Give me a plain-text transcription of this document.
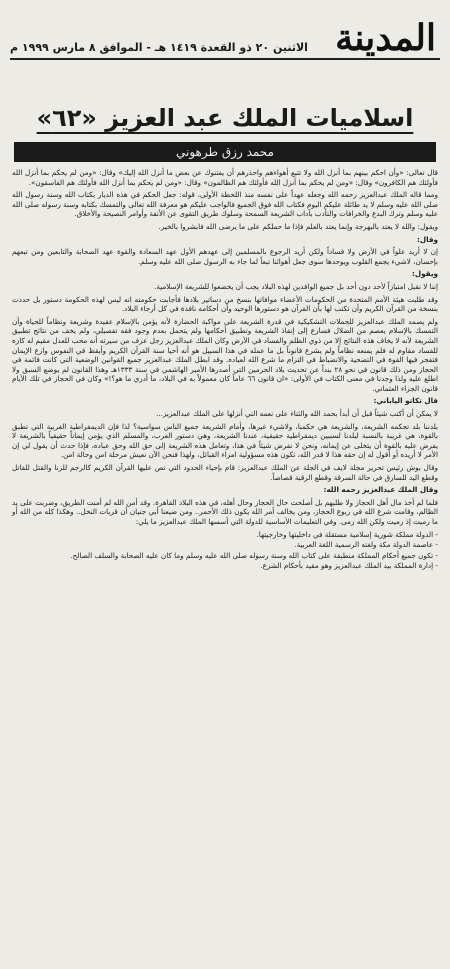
المدينة
الاثنين ٢٠ ذو القعدة ١٤١٩ هـ - الموافق ٨ مارس ١٩٩٩ م
اسلاميات الملك عبد العزيز «٦٢»
محمد رزق طرهوني

قال تعالى: «وأن احكم بينهم بما أنزل الله ولا تتبع أهواءهم واحذرهم أن يفتنوك عن بعض ما أنزل الله إليك» وقال: «ومن لم يحكم بما أنزل الله فأولئك هم الكافرون» وقال: «ومن لم يحكم بما أنزل الله فأولئك هم الظالمون» وقال: «ومن لم يحكم بما أنزل الله فأولئك هم الفاسقون».

ومما قاله الملك عبدالعزيز رحمه الله وجعله عهداً على نفسه منذ اللحظة الأولى، قوله: جعل الحكم في هذه الديار بكتاب الله وسنة رسول الله صلى الله عليه وسلم لا يد طائلة عليكم اليوم فكتاب الله فوق الجميع فالواجب عليكم هو معرفة الله تعالى والتمسك بكتابه وسنة رسوله صلى الله عليه وسلم وترك البدع والخرافات والتأدب بآداب الشريعة السمحة وسلوك طريق التقوى عن الأنفة وأوامر النصيحة والأخلاق.

ويقول: والله لا يعتد بالبهرجة وإنما يعتد بالعلم فإذا ما حملكم على ما يرضى الله فابشروا بالخير.

وقال:

إن لا أريد علواً في الأرض ولا فساداً ولكن أريد الرجوع بالمسلمين إلى عهدهم الأول عهد السعادة والقوة عهد الصحابة والتابعين ومن تبعهم بإحسان، لاشيء يجمع القلوب ويوحدها سوى جعل أهوائنا تبعاً لما جاء به الرسول صلى الله عليه وسلم.

ويقول:

إننا لا نقبل امتيازاً لأحد دون أحد بل جميع الوافدين لهذه البلاد يجب أن يخضعوا للشريعة الإسلامية.

وقد طلبت هيئة الأمم المتحدة من الحكومات الأعضاء موافاتها بنسخ من دساتير بلادها فأجابت حكومته انه ليس لهذه الحكومة دستور بل حددت بنسخة من القرآن الكريم وأن تكتب لها بأن القرآن هو دستورها الوحيد وأن أحكامه نافذة في كل أرجاء البلاد.

ولم يصمد الملك عبدالعزيز للحملات التشكيكية في قدرة الشريعة على مواكبة الحضارة لأنه يؤمن بالإسلام عقيدة وشريعة ونظاماً للحياة وأن التمسك بالإسلام يعصم من الضلال فسارع إلى إنفاذ الشريعة وتطبيق أحكامها ولم يتحمل بعدم وجود فقه تفصيلي، ولم يخف من نتائج تطبيق الشريعة لأنه لا يخاف هذه النتائج إلا من ذوي الظلم والفساد في الأرض وكان الملك عبدالعزيز رجل عرف من سيرته أنه محب للعدل مقيم له كاره للفساد مقاوم له فلم يمنعه نظاماً ولم يشرع قانوناً بل ما عمله في هذا السبيل هو أنه أحيا سنة القرآن الكريم وأيقظ في النفوس وازع الإيمان فتفجر فيها القوة في التضحية والانضباط في التزام ما شرع الله لعباده. وقد ابطل الملك عبدالعزيز جميع القوانين الوضعية التي كانت قائمة في الحجاز ومن ذلك قانون في نحو ٢٨ بنداً عن تحديث بلاد الحرمين التي أصدرها الأمير الهاشمي في سنة ١٣٣٣هـ وهذا القانون لم يوضع السبق ولا اطلع عليه ولذا وجدنا في معنى الكتاب في الأولى: «ان قانون ٦٦ عاماً كان معمولاً به في البلاد، ما أدري ما هو؟!» وكان في الحجاز في تلك الأيام قانون الجزاء العثماني.

قال تكاتو الياباني:

لا يمكن أن أكتب شيئاً قبل أن أبدأ بحمد الله والثناء على نعمه التي أنزلها على الملك عبدالعزيز...

بلدننا بلد تحكمه الشريعة، والشريعة هي حكمنا، ولاشيء غيرها، وأمام الشريعة جميع الناس سواسية؟ لذا فإن الديمقراطية الغربية التي تطبق بالقوة، هي غريبة بالنسبة لبلدنا لسببين ديمقراطية حقيقية، عندنا الشريعة، وهي دستور العرب، والمسلم الذي يؤمن إيماناً حقيقياً بالشريعة لا يفرض عليه بالقوة أن يتخلى عن إيمانه، ونحن لا نفرض شيئاً في هذا، وتعامل هذه الشريعة إلى حق الله وحق عباده، فإذا حدث أن يقول لي إن الأمر لا أريده أو أقول له إن حقه هذا لا قدر الله، تكون هذه مسؤولية امراء القبائل، ولهذا فنحن الآن نعيش مرحلة امن وحالة امن.

وقال بوش رئيس تحرير مجلة لايف في الجلة عن الملك عبدالعزيز: قام بإحياء الحدود التي نص عليها القرآن الكريم كالرجم للزنا والقتل للقاتل وقطع اليد للسارق في حالة السرقة وقطع الرقبة قصاصاً.

وقال الملك عبدالعزيز رحمه الله:

فلما لم أخذ مال أهل الحجاز ولا طلبهم بل أصلحت حال الحجاز وحال أهله، في هذه البلاد القاهرة. وقد أمن الله لم أمنت الطريق، وضربت على يد الظالم، وقامت شرع الله في ربوع الحجاز، ومن يخالف أمر الله يكون ذلك الأحمر.. ومن ضيعنا أبي جنيان أن قربات النخل.. وهكذا كله من الله أو ما رميت إذ رميت ولكن الله رمى. وفي التعليمات الأساسية للدولة التي أسسها الملك عبدالعزيز ما يلي:

- الدولة مملكة شورية إسلامية مستقلة في داخليتها وخارجيتها.

- عاصمة الدولة مكة ولغته الرسمية اللغة العربية.

- تكون جميع أحكام المملكة منطبقة على كتاب الله وسنة رسوله صلى الله عليه وسلم وما كان عليه الصحابة والسلف الصالح.

- إدارة المملكة بيد الملك عبدالعزيز وهو مقيد بأحكام الشرع.
